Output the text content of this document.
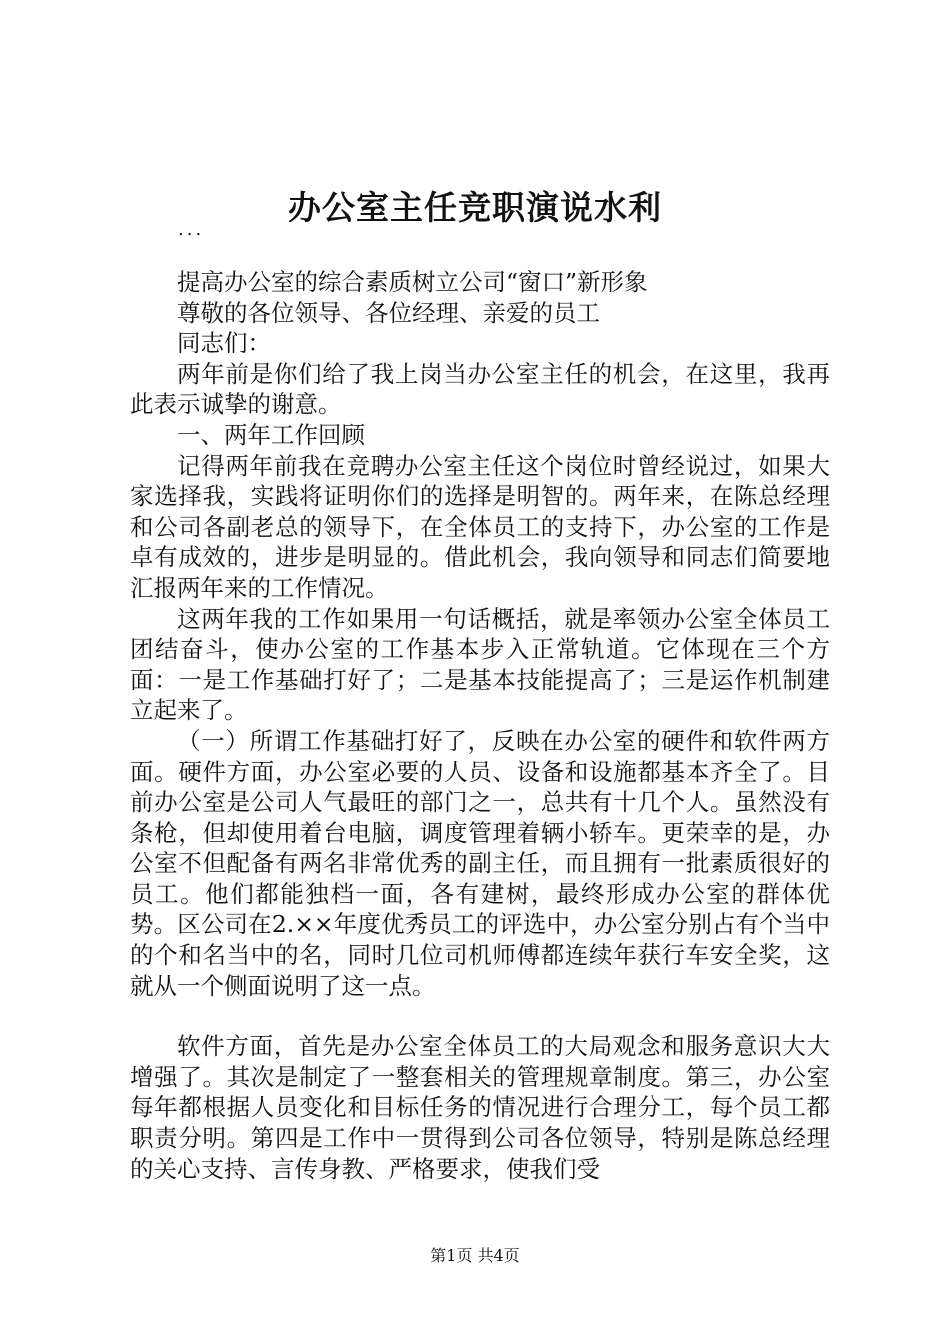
办公室主任竞职演说水利
...

提高办公室的综合素质树立公司“窗口”新形象

尊敬的各位领导、各位经理、亲爱的员工

同志们：

两年前是你们给了我上岗当办公室主任的机会，在这里，我再此表示诚挚的谢意。

一、两年工作回顾

记得两年前我在竞聘办公室主任这个岗位时曾经说过，如果大家选择我，实践将证明你们的选择是明智的。两年来，在陈总经理和公司各副老总的领导下，在全体员工的支持下，办公室的工作是卓有成效的，进步是明显的。借此机会，我向领导和同志们简要地汇报两年来的工作情况。

这两年我的工作如果用一句话概括，就是率领办公室全体员工团结奋斗，使办公室的工作基本步入正常轨道。它体现在三个方面：一是工作基础打好了；二是基本技能提高了；三是运作机制建立起来了。

（一）所谓工作基础打好了，反映在办公室的硬件和软件两方面。硬件方面，办公室必要的人员、设备和设施都基本齐全了。目前办公室是公司人气最旺的部门之一，总共有十几个人。虽然没有条枪，但却使用着台电脑，调度管理着辆小轿车。更荣幸的是，办公室不但配备有两名非常优秀的副主任，而且拥有一批素质很好的员工。他们都能独档一面，各有建树，最终形成办公室的群体优势。区公司在2.××年度优秀员工的评选中，办公室分别占有个当中的个和名当中的名，同时几位司机师傅都连续年获行车安全奖，这就从一个侧面说明了这一点。

软件方面，首先是办公室全体员工的大局观念和服务意识大大增强了。其次是制定了一整套相关的管理规章制度。第三，办公室每年都根据人员变化和目标任务的情况进行合理分工，每个员工都职责分明。第四是工作中一贯得到公司各位领导，特别是陈总经理的关心支持、言传身教、严格要求，使我们受

第1页 共4页
